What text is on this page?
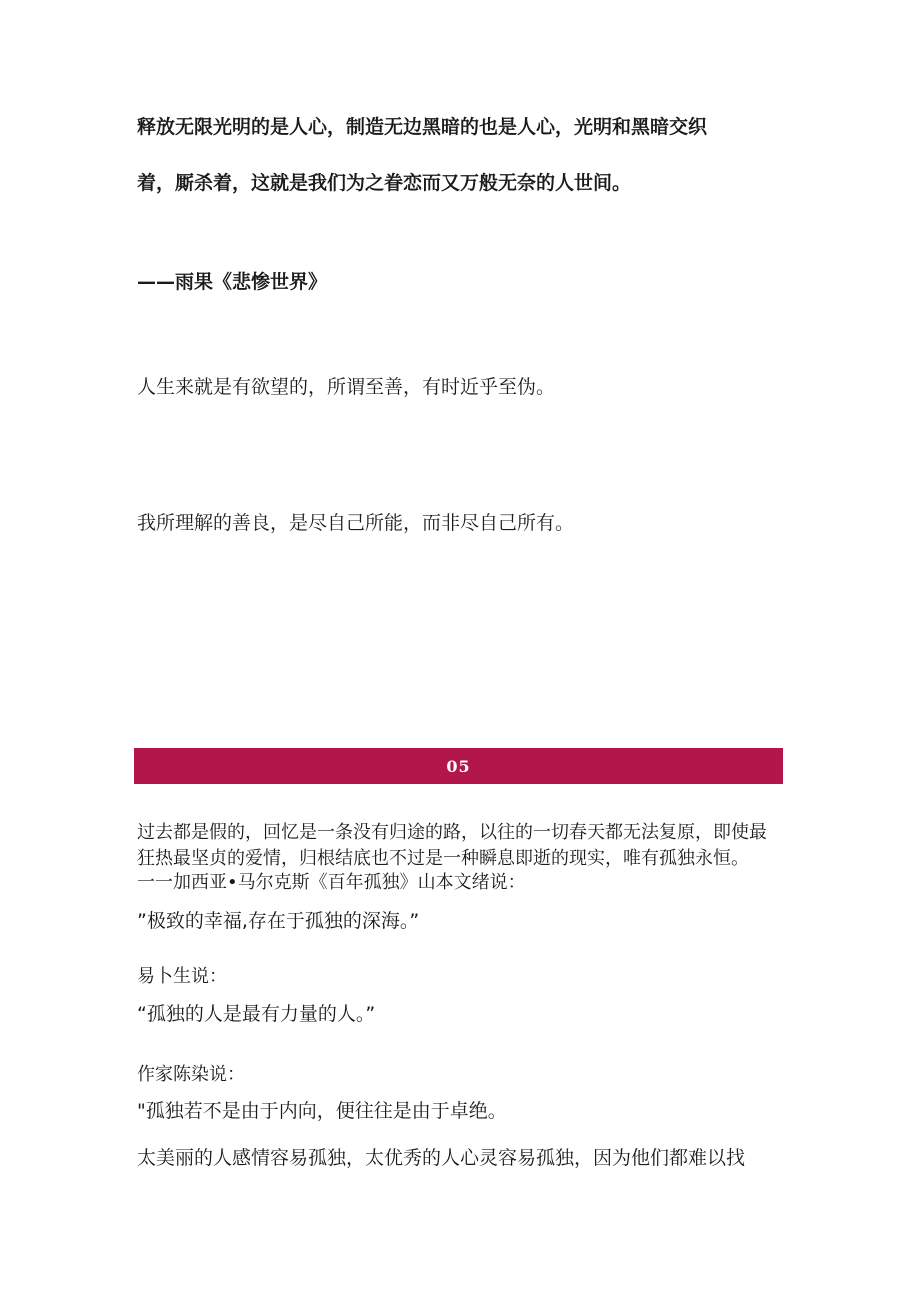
释放无限光明的是人心，制造无边黑暗的也是人心，光明和黑暗交织
着，厮杀着，这就是我们为之眷恋而又万般无奈的人世间。
——雨果《悲惨世界》
人生来就是有欲望的，所谓至善，有时近乎至伪。
我所理解的善良，是尽自己所能，而非尽自己所有。
05
过去都是假的，回忆是一条没有归途的路，以往的一切春天都无法复原，即使最
狂热最坚贞的爱情，归根结底也不过是一种瞬息即逝的现实，唯有孤独永恒。
一一加西亚•马尔克斯《百年孤独》山本文绪说：
”极致的幸福,存在于孤独的深海。”
易卜生说：
“孤独的人是最有力量的人。”
作家陈染说：
"孤独若不是由于内向，便往往是由于卓绝。
太美丽的人感情容易孤独，太优秀的人心灵容易孤独，因为他们都难以找
